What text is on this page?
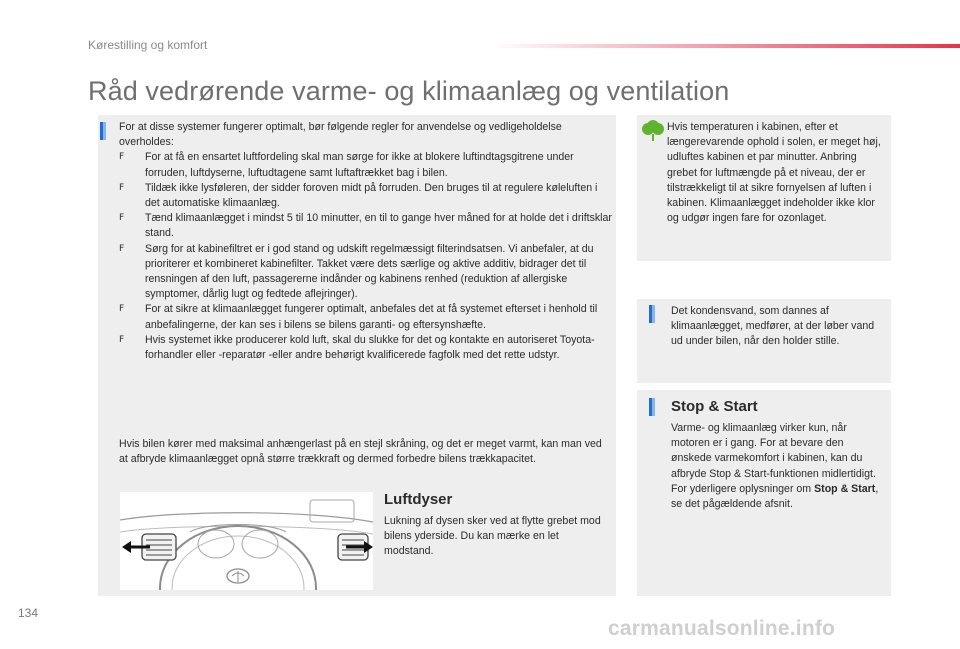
Kørestilling og komfort
Råd vedrørende varme- og klimaanlæg og ventilation

For at disse systemer fungerer optimalt, bør følgende regler for anvendelse og vedligeholdelse overholdes:

F For at få en ensartet luftfordeling skal man sørge for ikke at blokere luftindtagsgitrene under forruden, luftdyserne, luftudtagene samt luftaftrækket bag i bilen.
F Tildæk ikke lysføleren, der sidder foroven midt på forruden. Den bruges til at regulere køleluften i det automatiske klimaanlæg.
F Tænd klimaanlægget i mindst 5 til 10 minutter, en til to gange hver måned for at holde det i driftsklar stand.
F Sørg for at kabinefiltret er i god stand og udskift regelmæssigt filterindsatsen. Vi anbefaler, at du prioriterer et kombineret kabinefilter. Takket være dets særlige og aktive additiv, bidrager det til rensningen af den luft, passagererne indånder og kabinens renhed (reduktion af allergiske symptomer, dårlig lugt og fedtede aflejringer).
F For at sikre at klimaanlægget fungerer optimalt, anbefales det at få systemet efterset i henhold til anbefalingerne, der kan ses i bilens se bilens garanti- og eftersynshæfte.
F Hvis systemet ikke producerer kold luft, skal du slukke for det og kontakte en autoriseret Toyota-forhandler eller -reparatør -eller andre behørigt kvalificerede fagfolk med det rette udstyr.

Hvis bilen kører med maksimal anhængerlast på en stejl skråning, og det er meget varmt, kan man ved at afbryde klimaanlægget opnå større trækkraft og dermed forbedre bilens trækkapacitet.

Luftdyser

Lukning af dysen sker ved at flytte grebet mod bilens yderside. Du kan mærke en let modstand.

Hvis temperaturen i kabinen, efter et længerevarende ophold i solen, er meget høj, udluftes kabinen et par minutter. Anbring grebet for luftmængde på et niveau, der er tilstrækkeligt til at sikre fornyelsen af luften i kabinen. Klimaanlægget indeholder ikke klor og udgør ingen fare for ozonlaget.

Det kondensvand, som dannes af klimaanlægget, medfører, at der løber vand ud under bilen, når den holder stille.

Stop & Start

Varme- og klimaanlæg virker kun, når motoren er i gang. For at bevare den ønskede varmekomfort i kabinen, kan du afbryde Stop & Start-funktionen midlertidigt. For yderligere oplysninger om Stop & Start, se det pågældende afsnit.

134
carmanualsonline.info
